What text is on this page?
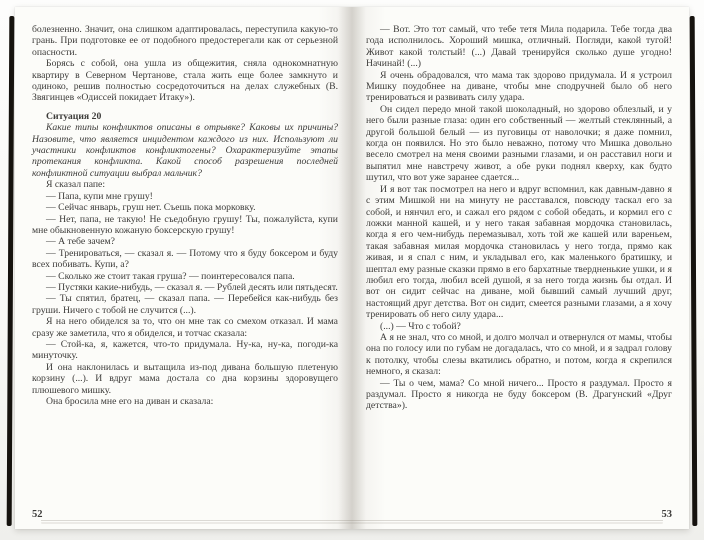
болезненно. Значит, она слишком адаптировалась, переступила какую-то грань. При подготовке ее от подобного предостерегали как от серьезной опасности.

Борясь с собой, она ушла из общежития, сняла однокомнатную квартиру в Северном Чертанове, стала жить еще более замкнуто и одиноко, решив полностью сосредоточиться на делах служебных (В. Звягинцев «Одиссей покидает Итаку»).

Ситуация 20

Какие типы конфликтов описаны в отрывке? Каковы их причины? Назовите, что является инцидентом каждого из них. Используют ли участники конфликтов конфликтогены? Охарактеризуйте этапы протекания конфликта. Какой способ разрешения последней конфликтной ситуации выбрал мальчик?

Я сказал папе:

— Папа, купи мне грушу!

— Сейчас январь, груш нет. Съешь пока морковку.

— Нет, папа, не такую! Не съедобную грушу! Ты, пожалуйста, купи мне обыкновенную кожаную боксерскую грушу!

— А тебе зачем?

— Тренироваться, — сказал я. — Потому что я буду боксером и буду всех побивать. Купи, а?

— Сколько же стоит такая груша? — поинтересовался папа.

— Пустяки какие-нибудь, — сказал я. — Рублей десять или пятьдесят.

— Ты спятил, братец, — сказал папа. — Перебейся как-нибудь без груши. Ничего с тобой не случится (...).

Я на него обиделся за то, что он мне так со смехом отказал. И мама сразу же заметила, что я обиделся, и тотчас сказала:

— Стой-ка, я, кажется, что-то придумала. Ну-ка, ну-ка, погоди-ка минуточку.

И она наклонилась и вытащила из-под дивана большую плетеную корзину (...). И вдруг мама достала со дна корзины здоровущего плюшевого мишку.

Она бросила мне его на диван и сказала:

52

— Вот. Это тот самый, что тебе тетя Мила подарила. Тебе тогда два года исполнилось. Хороший мишка, отличный. Погляди, какой тугой! Живот какой толстый! (...) Давай тренируйся сколько душе угодно! Начинай! (...)

Я очень обрадовался, что мама так здорово придумала. И я устроил Мишку поудобнее на диване, чтобы мне сподручней было об него тренироваться и развивать силу удара.

Он сидел передо мной такой шоколадный, но здорово облезлый, и у него были разные глаза: один его собственный — желтый стеклянный, а другой большой белый — из пуговицы от наволочки; я даже помнил, когда он появился. Но это было неважно, потому что Мишка довольно весело смотрел на меня своими разными глазами, и он расставил ноги и выпятил мне навстречу живот, а обе руки поднял кверху, как будто шутил, что вот уже заранее сдается...

И я вот так посмотрел на него и вдруг вспомнил, как давным-давно я с этим Мишкой ни на минуту не расставался, повсюду таскал его за собой, и нянчил его, и сажал его рядом с собой обедать, и кормил его с ложки манной кашей, и у него такая забавная мордочка становилась, когда я его чем-нибудь перемазывал, хоть той же кашей или вареньем, такая забавная милая мордочка становилась у него тогда, прямо как живая, и я спал с ним, и укладывал его, как маленького братишку, и шептал ему разные сказки прямо в его бархатные твердненькие ушки, и я любил его тогда, любил всей душой, я за него тогда жизнь бы отдал. И вот он сидит сейчас на диване, мой бывший самый лучший друг, настоящий друг детства. Вот он сидит, смеется разными глазами, а я хочу тренировать об него силу удара...

(...) — Что с тобой?

А я не знал, что со мной, и долго молчал и отвернулся от мамы, чтобы она по голосу или по губам не догадалась, что со мной, и я задрал голову к потолку, чтобы слезы вкатились обратно, и потом, когда я скрепился немного, я сказал:

— Ты о чем, мама? Со мной ничего... Просто я раздумал. Просто я раздумал. Просто я никогда не буду боксером (В. Драгунский «Друг детства»).

53
